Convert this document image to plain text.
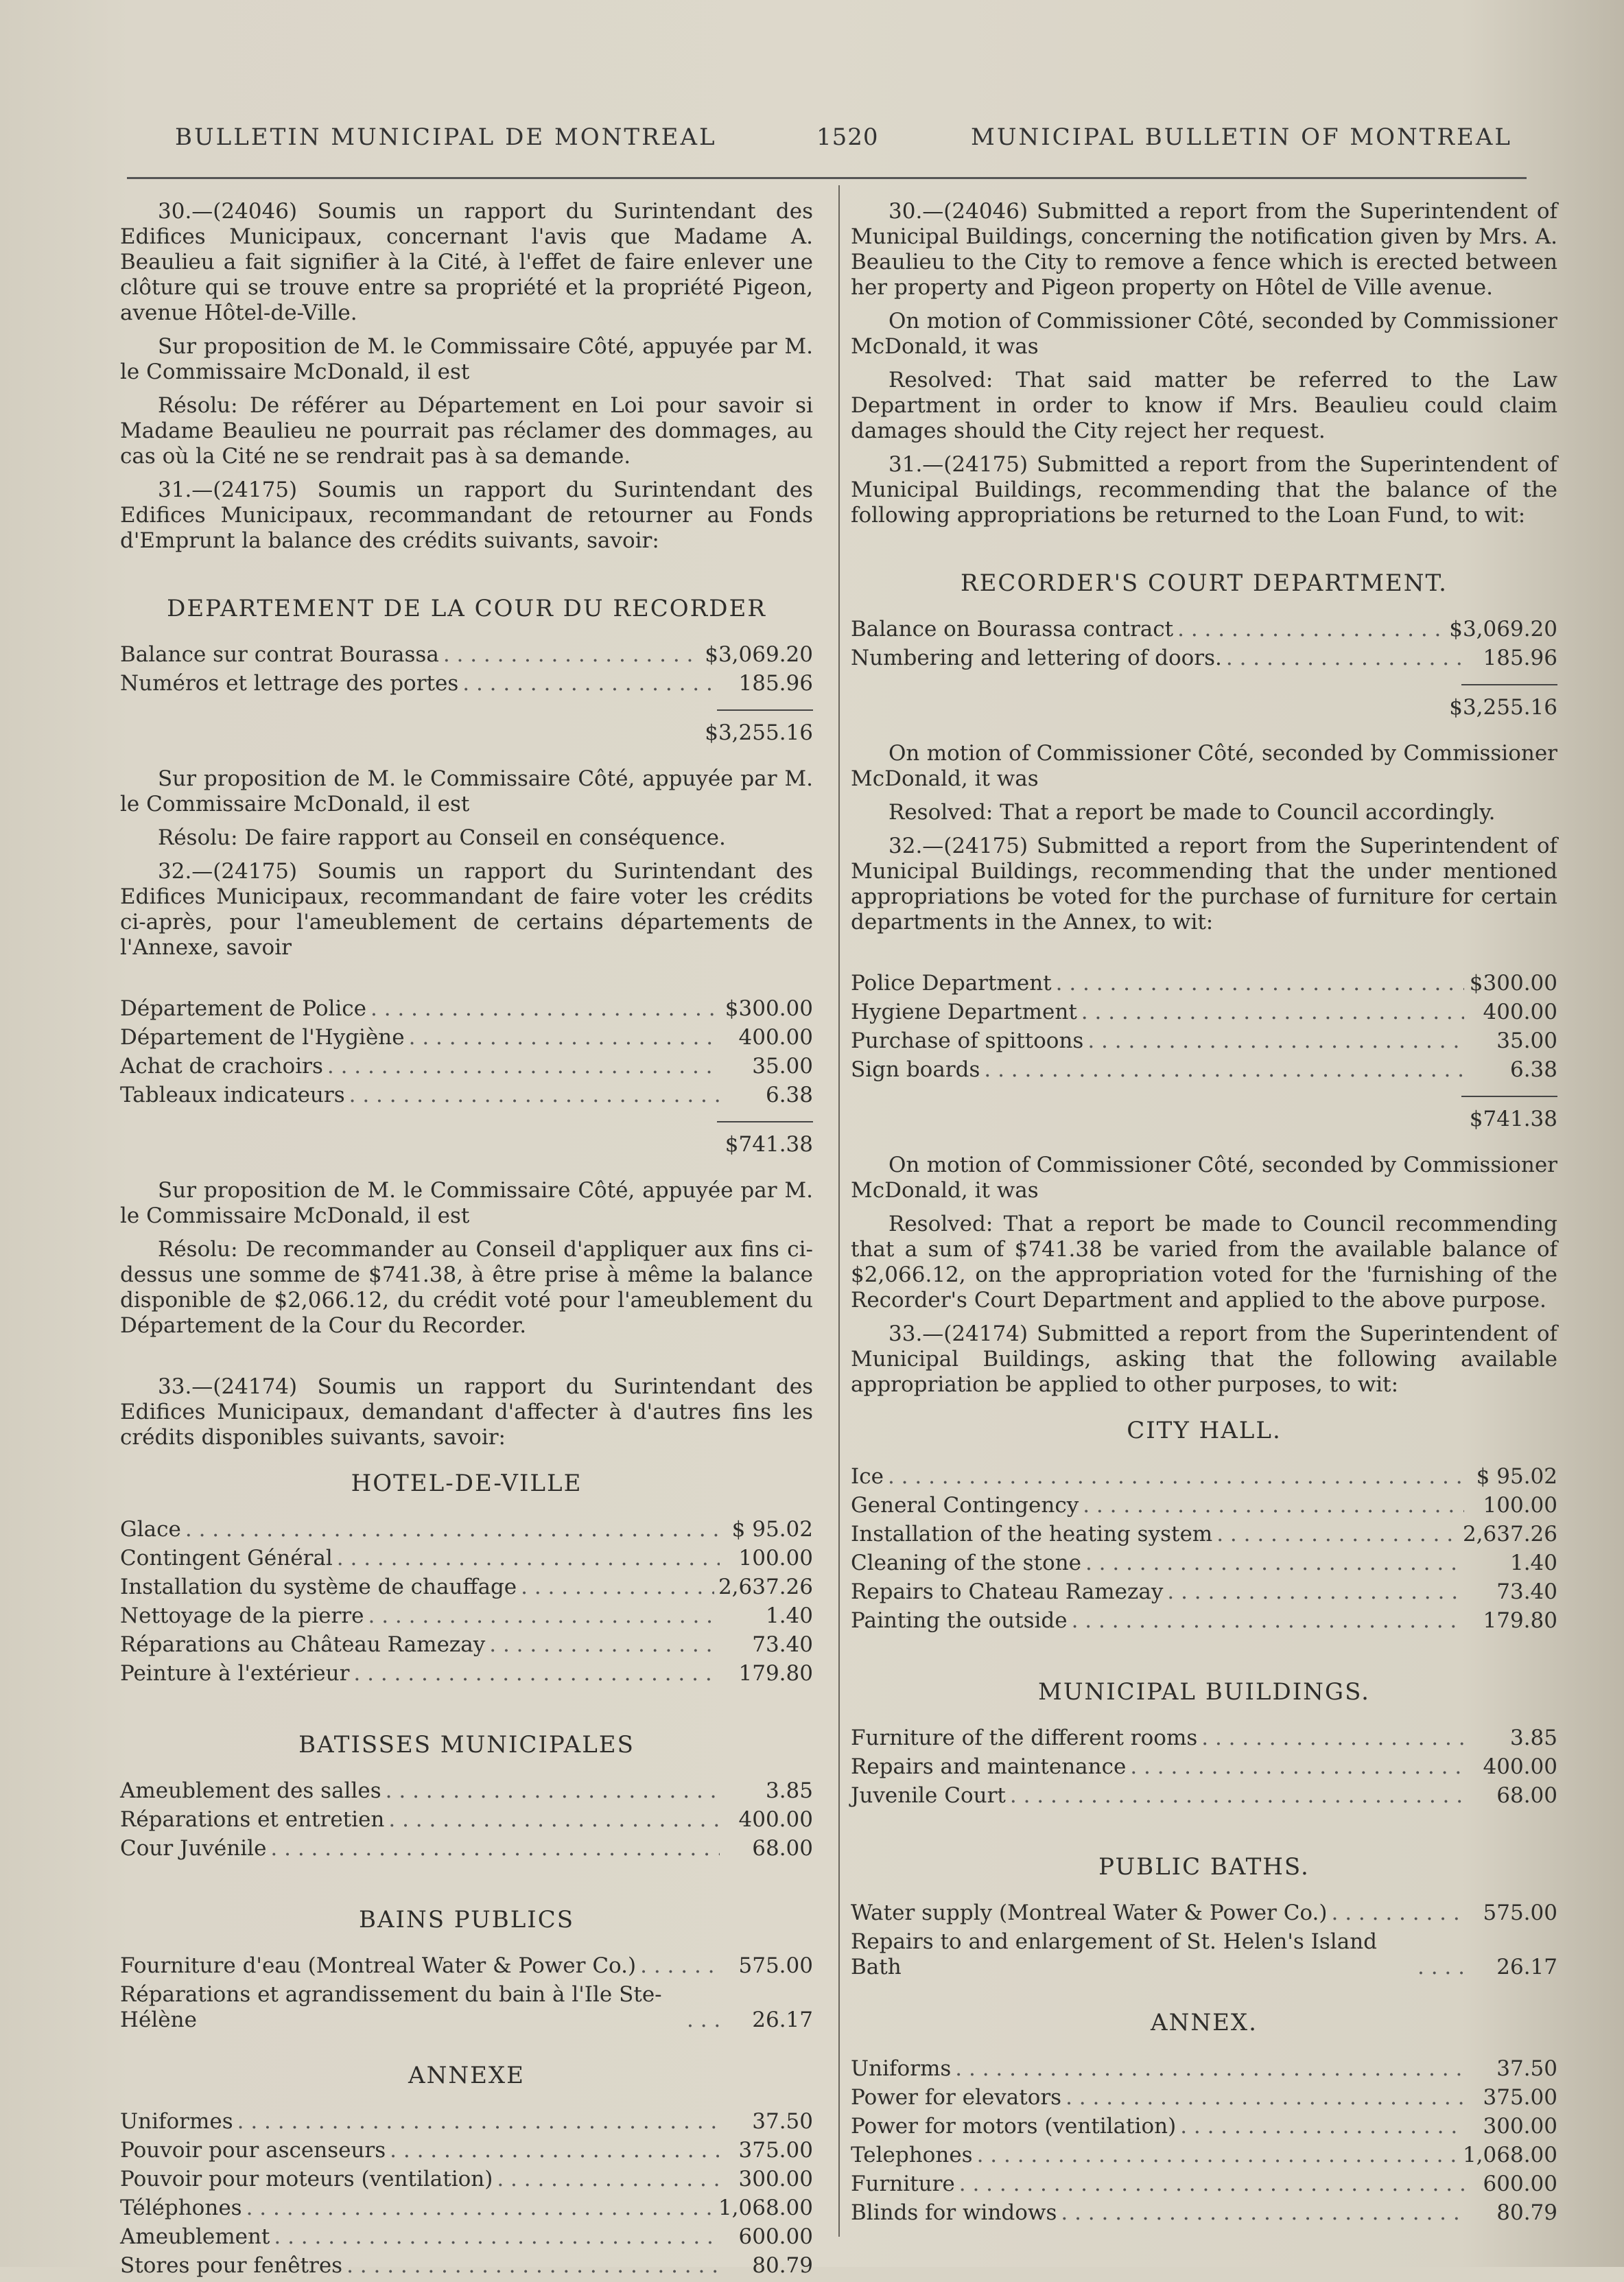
BULLETIN MUNICIPAL DE MONTREAL	1520	MUNICIPAL BULLETIN OF MONTREAL

30.—(24046) Soumis un rapport du Surintendant des Edifices Municipaux, concernant l'avis que Madame A. Beaulieu a fait signifier à la Cité, à l'effet de faire enlever une clôture qui se trouve entre sa propriété et la propriété Pigeon, avenue Hôtel-de-Ville.

Sur proposition de M. le Commissaire Côté, appuyée par M. le Commissaire McDonald, il est

Résolu: De référer au Département en Loi pour savoir si Madame Beaulieu ne pourrait pas réclamer des dommages, au cas où la Cité ne se rendrait pas à sa demande.

31.—(24175) Soumis un rapport du Surintendant des Edifices Municipaux, recommandant de retourner au Fonds d'Emprunt la balance des crédits suivants, savoir:

DEPARTEMENT DE LA COUR DU RECORDER
Balance sur contrat Bourassa . . .	$3,069.20
Numéros et lettrage des portes . . .	185.96
$3,255.16

Sur proposition de M. le Commissaire Côté, appuyée par M. le Commissaire McDonald, il est

Résolu: De faire rapport au Conseil en conséquence.

32.—(24175) Soumis un rapport du Surintendant des Edifices Municipaux, recommandant de faire voter les crédits ci-après, pour l'ameublement de certains départements de l'Annexe, savoir

Département de Police . . .	$300.00
Département de l'Hygiène . . .	400.00
Achat de crachoirs . . .	35.00
Tableaux indicateurs . . .	6.38
$741.38

Sur proposition de M. le Commissaire Côté, appuyée par M. le Commissaire McDonald, il est

Résolu: De recommander au Conseil d'appliquer aux fins ci-dessus une somme de $741.38, à être prise à même la balance disponible de $2,066.12, du crédit voté pour l'ameublement du Département de la Cour du Recorder.

33.—(24174) Soumis un rapport du Surintendant des Edifices Municipaux, demandant d'affecter à d'autres fins les crédits disponibles suivants, savoir:

HOTEL-DE-VILLE
Glace . . .	$ 95.02
Contingent Général . . .	100.00
Installation du système de chauffage . . .	2,637.26
Nettoyage de la pierre . . .	1.40
Réparations au Château Ramezay . . .	73.40
Peinture à l'extérieur . . .	179.80
BATISSES MUNICIPALES
Ameublement des salles . . .	3.85
Réparations et entretien . . .	400.00
Cour Juvénile . . .	68.00
BAINS PUBLICS
Fourniture d'eau (Montreal Water & Power Co.) . . .	575.00
Réparations et agrandissement du bain à l'Ile Ste-Hélène . . .	26.17
ANNEXE
Uniformes . . .	37.50
Pouvoir pour ascenseurs . . .	375.00
Pouvoir pour moteurs (ventilation) . . .	300.00
Téléphones . . .	1,068.00
Ameublement . . .	600.00
Stores pour fenêtres . . .	80.79

30.—(24046) Submitted a report from the Superintendent of Municipal Buildings, concerning the notification given by Mrs. A. Beaulieu to the City to remove a fence which is erected between her property and Pigeon property on Hôtel de Ville avenue.

On motion of Commissioner Côté, seconded by Commissioner McDonald, it was

Resolved: That said matter be referred to the Law Department in order to know if Mrs. Beaulieu could claim damages should the City reject her request.

31.—(24175) Submitted a report from the Superintendent of Municipal Buildings, recommending that the balance of the following appropriations be returned to the Loan Fund, to wit:

RECORDER'S COURT DEPARTMENT.
Balance on Bourassa contract . . .	$3,069.20
Numbering and lettering of doors. . . .	185.96
$3,255.16

On motion of Commissioner Côté, seconded by Commissioner McDonald, it was

Resolved: That a report be made to Council accordingly.

32.—(24175) Submitted a report from the Superintendent of Municipal Buildings, recommending that the under mentioned appropriations be voted for the purchase of furniture for certain departments in the Annex, to wit:

Police Department . . .	$300.00
Hygiene Department . . .	400.00
Purchase of spittoons . . .	35.00
Sign boards . . .	6.38
$741.38

On motion of Commissioner Côté, seconded by Commissioner McDonald, it was

Resolved: That a report be made to Council recommending that a sum of $741.38 be varied from the available balance of $2,066.12, on the appropriation voted for the 'furnishing of the Recorder's Court Department and applied to the above purpose.

33.—(24174) Submitted a report from the Superintendent of Municipal Buildings, asking that the following available appropriation be applied to other purposes, to wit:

CITY HALL.
Ice . . .	$ 95.02
General Contingency . . .	100.00
Installation of the heating system . . .	2,637.26
Cleaning of the stone . . .	1.40
Repairs to Chateau Ramezay . . .	73.40
Painting the outside . . .	179.80
MUNICIPAL BUILDINGS.
Furniture of the different rooms . . .	3.85
Repairs and maintenance . . .	400.00
Juvenile Court . . .	68.00
PUBLIC BATHS.
Water supply (Montreal Water & Power Co.) . . .	575.00
Repairs to and enlargement of St. Helen's Island Bath . . .	26.17
ANNEX.
Uniforms . . .	37.50
Power for elevators . . .	375.00
Power for motors (ventilation) . . .	300.00
Telephones . . .	1,068.00
Furniture . . .	600.00
Blinds for windows . . .	80.79
